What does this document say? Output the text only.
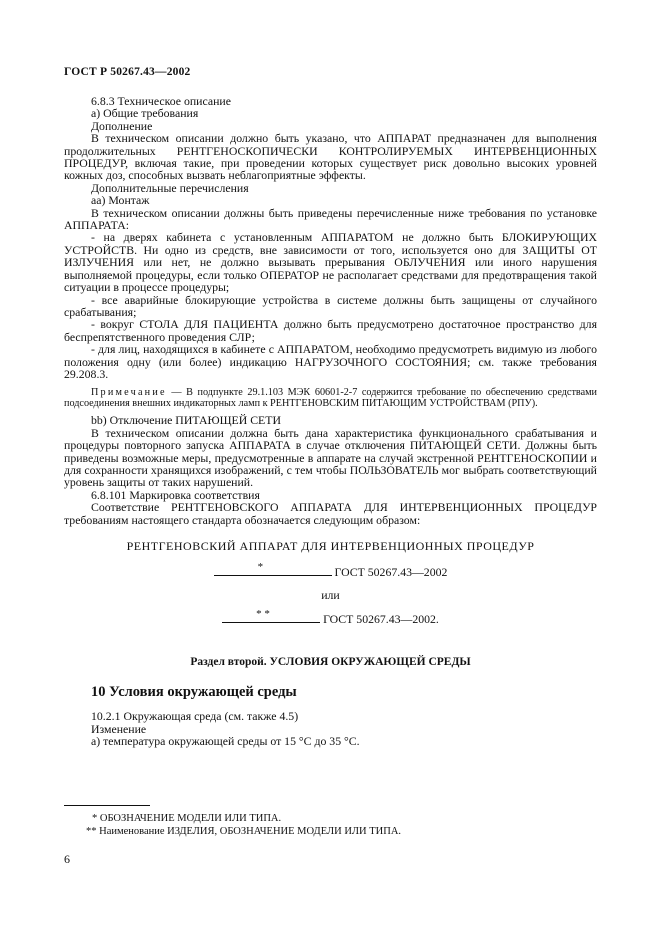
ГОСТ Р 50267.43—2002

6.8.3 Техническое описание

а) Общие требования

Дополнение

В техническом описании должно быть указано, что АППАРАТ предназначен для выполнения продолжительных РЕНТГЕНОСКОПИЧЕСКИ КОНТРОЛИРУЕМЫХ ИНТЕРВЕНЦИОННЫХ ПРОЦЕДУР, включая такие, при проведении которых существует риск довольно высоких уровней кожных доз, способных вызвать неблагоприятные эффекты.

Дополнительные перечисления

аа) Монтаж

В техническом описании должны быть приведены перечисленные ниже требования по установке АППАРАТА:

- на дверях кабинета с установленным АППАРАТОМ не должно быть БЛОКИРУЮЩИХ УСТРОЙСТВ. Ни одно из средств, вне зависимости от того, используется оно для ЗАЩИТЫ ОТ ИЗЛУЧЕНИЯ или нет, не должно вызывать прерывания ОБЛУЧЕНИЯ или иного нарушения выполняемой процедуры, если только ОПЕРАТОР не располагает средствами для предотвращения такой ситуации в процессе процедуры;

- все аварийные блокирующие устройства в системе должны быть защищены от случайного срабатывания;

- вокруг СТОЛА ДЛЯ ПАЦИЕНТА должно быть предусмотрено достаточное пространство для беспрепятственного проведения СЛР;

- для лиц, находящихся в кабинете с АППАРАТОМ, необходимо предусмотреть видимую из любого положения одну (или более) индикацию НАГРУЗОЧНОГО СОСТОЯНИЯ; см. также требования 29.208.3.

Примечание — В подпункте 29.1.103 МЭК 60601-2-7 содержится требование по обеспечению средствами подсоединения внешних индикаторных ламп к РЕНТГЕНОВСКИМ ПИТАЮЩИМ УСТРОЙСТВАМ (РПУ).

bb) Отключение ПИТАЮЩЕЙ СЕТИ

В техническом описании должна быть дана характеристика функционального срабатывания и процедуры повторного запуска АППАРАТА в случае отключения ПИТАЮЩЕЙ СЕТИ. Должны быть приведены возможные меры, предусмотренные в аппарате на случай экстренной РЕНТГЕНОСКОПИИ и для сохранности хранящихся изображений, с тем чтобы ПОЛЬЗОВАТЕЛЬ мог выбрать соответствующий уровень защиты от таких нарушений.

6.8.101 Маркировка соответствия

Соответствие РЕНТГЕНОВСКОГО АППАРАТА ДЛЯ ИНТЕРВЕНЦИОННЫХ ПРОЦЕДУР требованиям настоящего стандарта обозначается следующим образом:

РЕНТГЕНОВСКИЙ АППАРАТ ДЛЯ ИНТЕРВЕНЦИОННЫХ ПРОЦЕДУР

*	ГОСТ 50267.43—2002

или

* *	ГОСТ 50267.43—2002.

Раздел второй. УСЛОВИЯ ОКРУЖАЮЩЕЙ СРЕДЫ

10 Условия окружающей среды

10.2.1 Окружающая среда (см. также 4.5)

Изменение

а) температура окружающей среды от 15 °С до 35 °С.

* ОБОЗНАЧЕНИЕ МОДЕЛИ ИЛИ ТИПА.
** Наименование ИЗДЕЛИЯ, ОБОЗНАЧЕНИЕ МОДЕЛИ ИЛИ ТИПА.
6
